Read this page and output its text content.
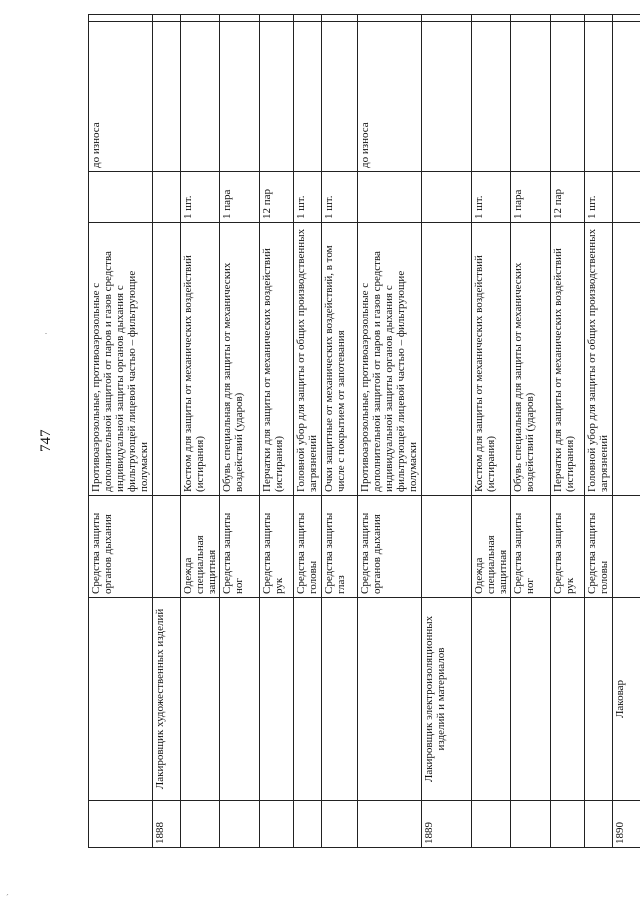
747
.
´
		Средства защиты органов дыхания	Противоаэрозольные, противоаэрозольные с дополнительной защитой от паров и газов средства индивидуальной защиты органов дыхания с фильтрующей лицевой частью – фильтрующие полумаски		до износа	
1888	Лакировщик художественных изделий					
		Одежда специальная защитная	Костюм для защиты от механических воздействий (истирания)	1 шт.		
		Средства защиты ног	Обувь специальная для защиты от механических воздействий (ударов)	1 пара		
		Средства защиты рук	Перчатки для защиты от механических воздействий (истирания)	12 пар		
		Средства защиты головы	Головной убор для защиты от общих производственных загрязнений	1 шт.		
		Средства защиты глаз	Очки защитные от механических воздействий, в том числе с покрытием от запотевания	1 шт.		
		Средства защиты органов дыхания	Противоаэрозольные, противоаэрозольные с дополнительной защитой от паров и газов средства индивидуальной защиты органов дыхания с фильтрующей лицевой частью – фильтрующие полумаски		до износа	
1889	Лакировщик электроизоляционных изделий и материалов					
		Одежда специальная защитная	Костюм для защиты от механических воздействий (истирания)	1 шт.		
		Средства защиты ног	Обувь специальная для защиты от механических воздействий (ударов)	1 пара		
		Средства защиты рук	Перчатки для защиты от механических воздействий (истирания)	12 пар		
		Средства защиты головы	Головной убор для защиты от общих производственных загрязнений	1 шт.		
1890	Лаковар					
